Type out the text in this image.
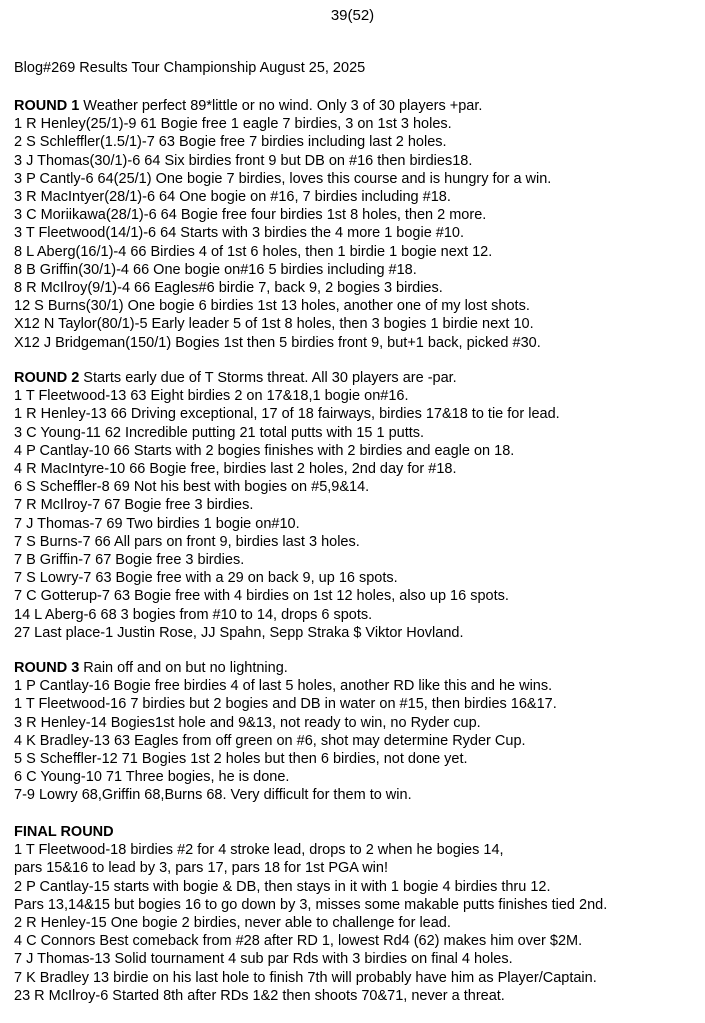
39(52)
Blog#269 Results Tour Championship August 25, 2025
ROUND 1 Weather perfect 89*little or no wind. Only 3 of 30 players +par.
1 R Henley(25/1)-9 61 Bogie free 1 eagle 7 birdies, 3 on 1st 3 holes.
2 S Schleffler(1.5/1)-7 63 Bogie free 7 birdies including last 2 holes.
3 J Thomas(30/1)-6 64 Six birdies front 9 but DB on #16 then birdies18.
3 P Cantly-6 64(25/1) One bogie 7 birdies, loves this course and is hungry for a win.
3 R MacIntyer(28/1)-6 64 One bogie on #16, 7 birdies including #18.
3 C Moriikawa(28/1)-6 64 Bogie free four birdies 1st 8 holes, then 2 more.
3 T Fleetwood(14/1)-6 64 Starts with 3 birdies the 4 more 1 bogie #10.
8 L Aberg(16/1)-4 66 Birdies 4 of 1st 6 holes, then 1 birdie 1 bogie next 12.
8 B Griffin(30/1)-4 66 One bogie on#16 5 birdies including #18.
8 R McIlroy(9/1)-4 66 Eagles#6 birdie 7, back 9, 2 bogies 3 birdies.
12 S Burns(30/1) One bogie 6 birdies 1st 13 holes, another one of my lost shots.
X12 N Taylor(80/1)-5 Early leader 5 of 1st 8 holes, then 3 bogies 1 birdie next 10.
X12 J Bridgeman(150/1) Bogies 1st then 5 birdies front 9, but+1 back, picked #30.
ROUND 2 Starts early due of T Storms threat. All 30 players are -par.
1 T Fleetwood-13 63 Eight birdies 2 on 17&18,1 bogie on#16.
1 R Henley-13 66 Driving exceptional, 17 of 18 fairways, birdies 17&18 to tie for lead.
3 C Young-11 62 Incredible putting 21 total putts with 15 1 putts.
4 P Cantlay-10 66 Starts with 2 bogies finishes with 2 birdies and eagle on 18.
4 R MacIntyre-10 66 Bogie free, birdies last 2 holes, 2nd day for #18.
6 S Scheffler-8 69 Not his best with bogies on #5,9&14.
7 R McIlroy-7 67 Bogie free 3 birdies.
7 J Thomas-7 69 Two birdies 1 bogie on#10.
7 S Burns-7 66 All pars on front 9, birdies last 3 holes.
7 B Griffin-7 67 Bogie free 3 birdies.
7 S Lowry-7 63 Bogie free with a 29 on back 9, up 16 spots.
7 C Gotterup-7 63 Bogie free with 4 birdies on 1st 12 holes, also up 16 spots.
14 L Aberg-6 68 3 bogies from #10 to 14, drops 6 spots.
27 Last place-1 Justin Rose, JJ Spahn, Sepp Straka $ Viktor Hovland.
ROUND 3 Rain off and on but no lightning.
1 P Cantlay-16 Bogie free birdies 4 of last 5 holes, another RD like this and he wins.
1 T Fleetwood-16 7 birdies but 2 bogies and DB in water on #15, then birdies 16&17.
3 R Henley-14 Bogies1st hole and 9&13, not ready to win, no Ryder cup.
4 K Bradley-13 63 Eagles from off green on #6, shot may determine Ryder Cup.
5 S Scheffler-12 71 Bogies 1st 2 holes but then 6 birdies, not done yet.
6 C Young-10 71 Three bogies, he is done.
7-9 Lowry 68,Griffin 68,Burns 68. Very difficult for them to win.
FINAL ROUND
1 T Fleetwood-18 birdies #2 for 4 stroke lead, drops to 2 when he bogies 14,
pars 15&16 to lead by 3, pars 17, pars 18 for 1st PGA win!
2 P Cantlay-15 starts with bogie & DB, then stays in it with 1 bogie 4 birdies thru 12.
Pars 13,14&15 but bogies 16 to go down by 3, misses some makable putts finishes tied 2nd.
2 R Henley-15 One bogie 2 birdies, never able to challenge for lead.
4 C Connors Best comeback from #28 after RD 1, lowest Rd4 (62) makes him over $2M.
7 J Thomas-13 Solid tournament 4 sub par Rds with 3 birdies on final 4 holes.
7 K Bradley 13 birdie on his last hole to finish 7th will probably have him as Player/Captain.
23 R McIlroy-6 Started 8th after RDs 1&2 then shoots 70&71, never a threat.
